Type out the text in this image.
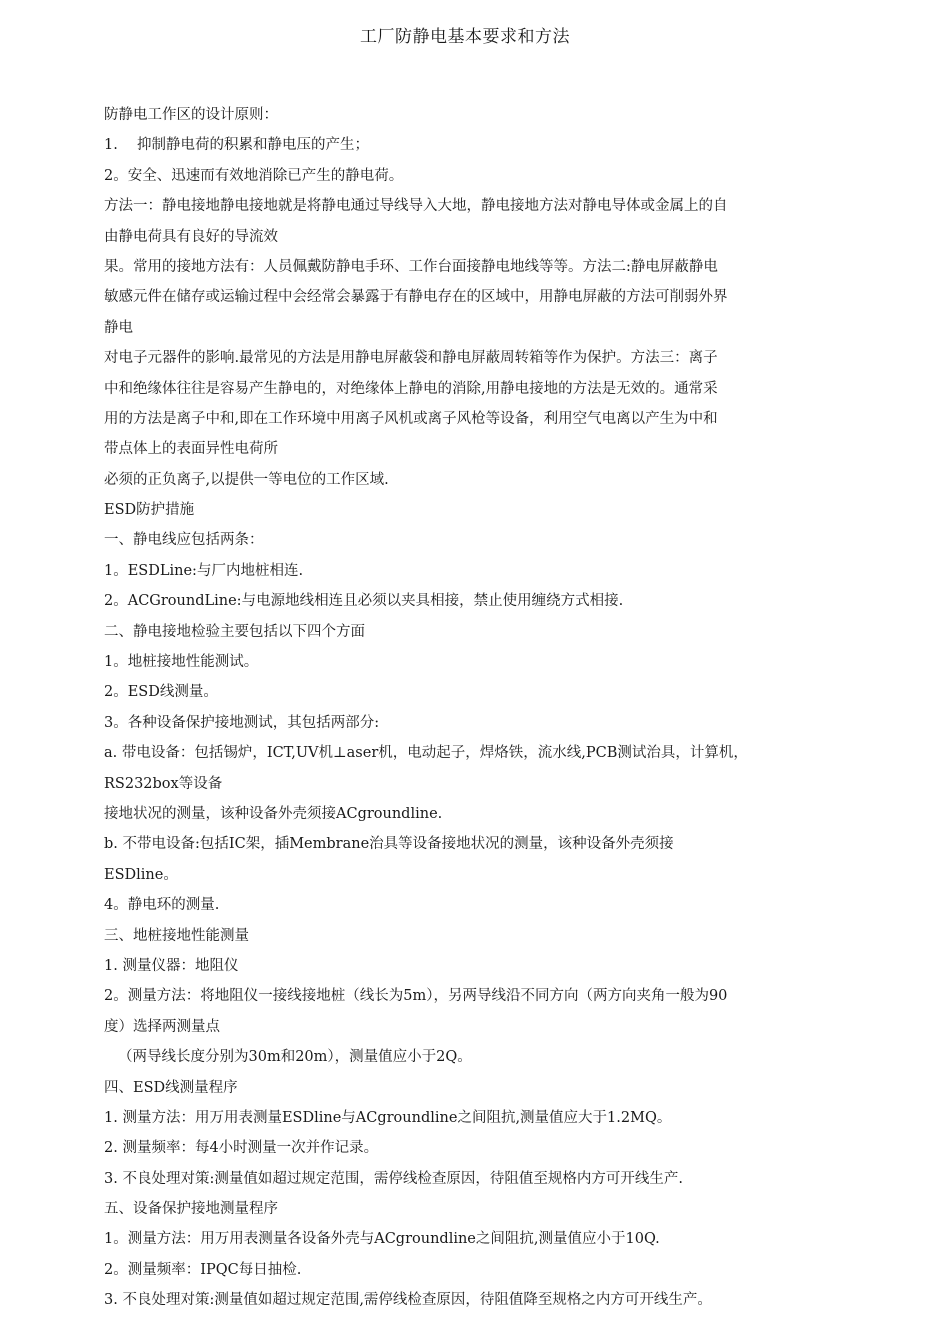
工厂防静电基本要求和方法
防静电工作区的设计原则：
1.　 抑制静电荷的积累和静电压的产生；
2。安全、迅速而有效地消除已产生的静电荷。
方法一：静电接地静电接地就是将静电通过导线导入大地，静电接地方法对静电导体或金属上的自
由静电荷具有良好的导流效
果。常用的接地方法有：人员佩戴防静电手环、工作台面接静电地线等等。方法二:静电屏蔽静电
敏感元件在储存或运输过程中会经常会暴露于有静电存在的区域中，用静电屏蔽的方法可削弱外界
静电
对电子元器件的影响.最常见的方法是用静电屏蔽袋和静电屏蔽周转箱等作为保护。方法三：离子
中和绝缘体往往是容易产生静电的，对绝缘体上静电的消除,用静电接地的方法是无效的。通常采
用的方法是离子中和,即在工作环境中用离子风机或离子风枪等设备，利用空气电离以产生为中和
带点体上的表面异性电荷所
必须的正负离子,以提供一等电位的工作区域.
ESD防护措施
一、静电线应包括两条：
1。ESDLine:与厂内地桩相连.
2。ACGroundLine:与电源地线相连且必须以夹具相接，禁止使用缠绕方式相接.
二、静电接地检验主要包括以下四个方面
1。地桩接地性能测试。
2。ESD线测量。
3。各种设备保护接地测试，其包括两部分:
a. 带电设备：包括锡炉，ICT,UV机⊥aser机，电动起子，焊烙铁，流水线,PCB测试治具，计算机，
RS232box等设备
接地状况的测量，该种设备外壳须接ACgroundline.
b. 不带电设备:包括IC架，插Membrane治具等设备接地状况的测量，该种设备外壳须接
ESDline。
4。静电环的测量.
三、地桩接地性能测量
1. 测量仪器：地阻仪
2。测量方法：将地阻仪一接线接地桩（线长为5m），另两导线沿不同方向（两方向夹角一般为90
度）选择两测量点
（两导线长度分别为30m和20m），测量值应小于2Q。
四、ESD线测量程序
1. 测量方法：用万用表测量ESDline与ACgroundline之间阻抗,测量值应大于1.2MQ。
2. 测量频率：每4小时测量一次并作记录。
3. 不良处理对策:测量值如超过规定范围，需停线检查原因，待阻值至规格内方可开线生产.
五、设备保护接地测量程序
1。测量方法：用万用表测量各设备外壳与ACgroundline之间阻抗,测量值应小于10Q.
2。测量频率：IPQC每日抽检.
3. 不良处理对策:测量值如超过规定范围,需停线检查原因，待阻值降至规格之内方可开线生产。
